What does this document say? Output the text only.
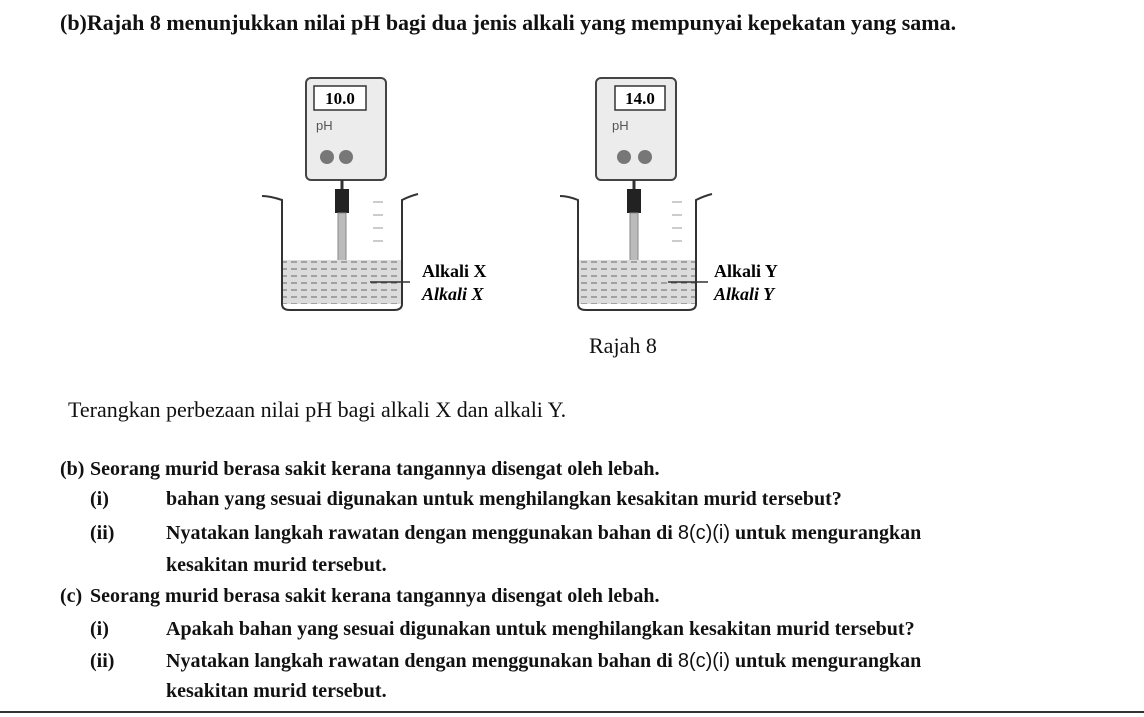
(b)Rajah 8 menunjukkan nilai pH bagi dua jenis alkali yang mempunyai kepekatan yang sama.
10.0
pH
Alkali X
Alkali X
14.0
pH
Alkali Y
Alkali Y
Rajah 8
Terangkan perbezaan nilai pH bagi alkali X dan alkali Y.
(b) Seorang murid berasa sakit kerana tangannya disengat oleh lebah.
(i)	bahan yang sesuai digunakan untuk menghilangkan kesakitan murid tersebut?
(ii)	Nyatakan langkah rawatan dengan menggunakan bahan di 8(c)(i) untuk mengurangkan
kesakitan murid tersebut.
(c) Seorang murid berasa sakit kerana tangannya disengat oleh lebah.
(i)	Apakah bahan yang sesuai digunakan untuk menghilangkan kesakitan murid tersebut?
(ii)	Nyatakan langkah rawatan dengan menggunakan bahan di 8(c)(i) untuk mengurangkan
kesakitan murid tersebut.
